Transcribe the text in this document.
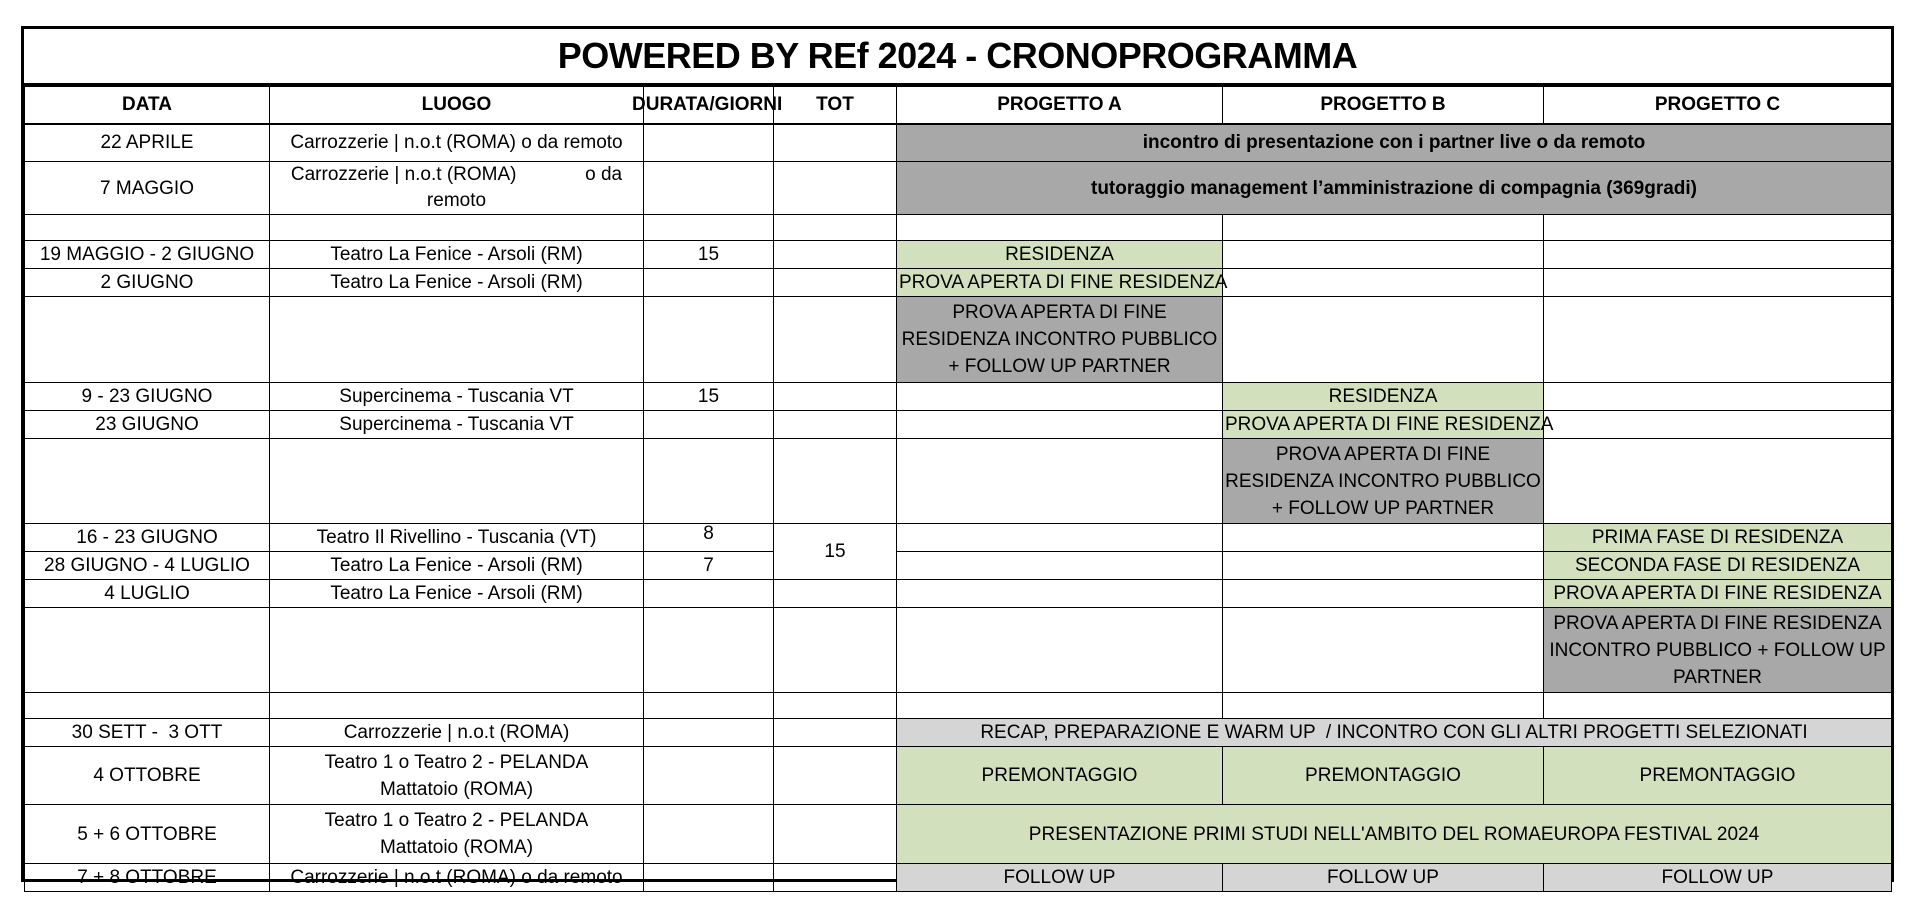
POWERED BY REf 2024 - CRONOPROGRAMMA
DATA	LUOGO	DURATA/GIORNI	TOT	PROGETTO A	PROGETTO B	PROGETTO C
22 APRILE	Carrozzerie | n.o.t (ROMA) o da remoto			incontro di presentazione con i partner live o da remoto		
7 MAGGIO	Carrozzerie | n.o.t (ROMA)             o da remoto			tutoraggio management l’amministrazione di compagnia (369gradi)		

19 MAGGIO - 2 GIUGNO	Teatro La Fenice - Arsoli (RM)	15		RESIDENZA		
2 GIUGNO	Teatro La Fenice - Arsoli (RM)			PROVA APERTA DI FINE RESIDENZA		
				PROVA APERTA DI FINE RESIDENZA INCONTRO PUBBLICO + FOLLOW UP PARTNER		
9 - 23 GIUGNO	Supercinema - Tuscania VT	15			RESIDENZA	
23 GIUGNO	Supercinema - Tuscania VT				PROVA APERTA DI FINE RESIDENZA	
					PROVA APERTA DI FINE RESIDENZA INCONTRO PUBBLICO + FOLLOW UP PARTNER	
16 - 23 GIUGNO	Teatro Il Rivellino - Tuscania (VT)	8	15			PRIMA FASE DI RESIDENZA
28 GIUGNO - 4 LUGLIO	Teatro La Fenice - Arsoli (RM)	7				SECONDA FASE DI RESIDENZA
4 LUGLIO	Teatro La Fenice - Arsoli (RM)					PROVA APERTA DI FINE RESIDENZA
						PROVA APERTA DI FINE RESIDENZA INCONTRO PUBBLICO + FOLLOW UP PARTNER

30 SETT -  3 OTT	Carrozzerie | n.o.t (ROMA)			RECAP, PREPARAZIONE E WARM UP  / INCONTRO CON GLI ALTRI PROGETTI SELEZIONATI		
4 OTTOBRE	Teatro 1 o Teatro 2 - PELANDA Mattatoio (ROMA)			PREMONTAGGIO	PREMONTAGGIO	PREMONTAGGIO
5 + 6 OTTOBRE	Teatro 1 o Teatro 2 - PELANDA Mattatoio (ROMA)			PRESENTAZIONE PRIMI STUDI NELL'AMBITO DEL ROMAEUROPA FESTIVAL 2024		
7 + 8 OTTOBRE	Carrozzerie | n.o.t (ROMA) o da remoto			FOLLOW UP	FOLLOW UP	FOLLOW UP
